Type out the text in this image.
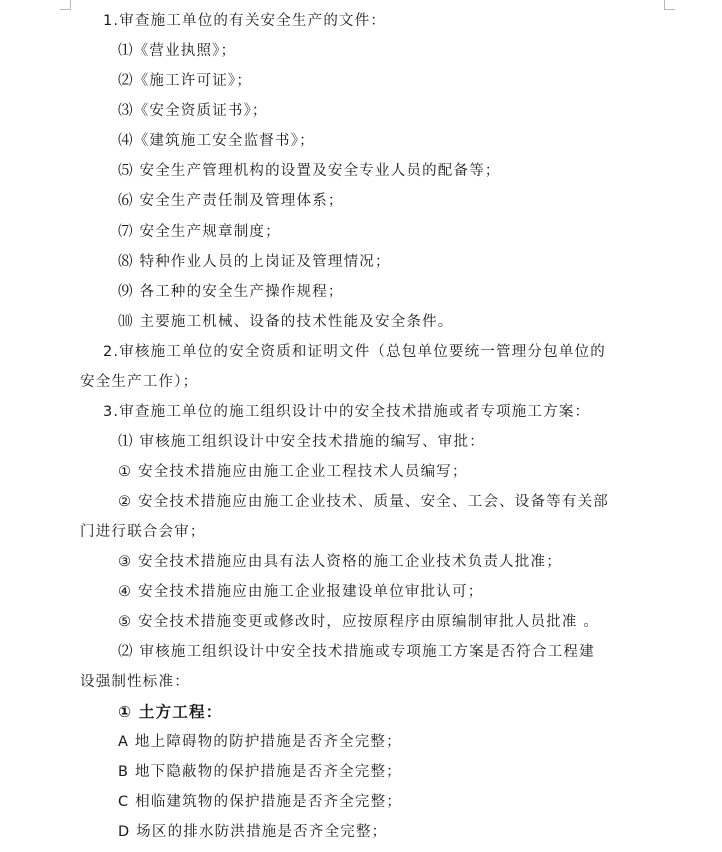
1.审查施工单位的有关安全生产的文件：
⑴《营业执照》；
⑵《施工许可证》；
⑶《安全资质证书》；
⑷《建筑施工安全监督书》；
⑸ 安全生产管理机构的设置及安全专业人员的配备等；
⑹ 安全生产责任制及管理体系；
⑺ 安全生产规章制度；
⑻ 特种作业人员的上岗证及管理情况；
⑼ 各工种的安全生产操作规程；
⑽ 主要施工机械、设备的技术性能及安全条件。
2.审核施工单位的安全资质和证明文件（总包单位要统一管理分包单位的
安全生产工作）；
3.审查施工单位的施工组织设计中的安全技术措施或者专项施工方案：
⑴ 审核施工组织设计中安全技术措施的编写、审批：
① 安全技术措施应由施工企业工程技术人员编写；
② 安全技术措施应由施工企业技术、质量、安全、工会、设备等有关部
门进行联合会审；
③ 安全技术措施应由具有法人资格的施工企业技术负责人批准；
④ 安全技术措施应由施工企业报建设单位审批认可；
⑤ 安全技术措施变更或修改时，应按原程序由原编制审批人员批准 。
⑵ 审核施工组织设计中安全技术措施或专项施工方案是否符合工程建
设强制性标准：
① 土方工程：
A 地上障碍物的防护措施是否齐全完整；
B 地下隐蔽物的保护措施是否齐全完整；
C 相临建筑物的保护措施是否齐全完整；
D 场区的排水防洪措施是否齐全完整；
